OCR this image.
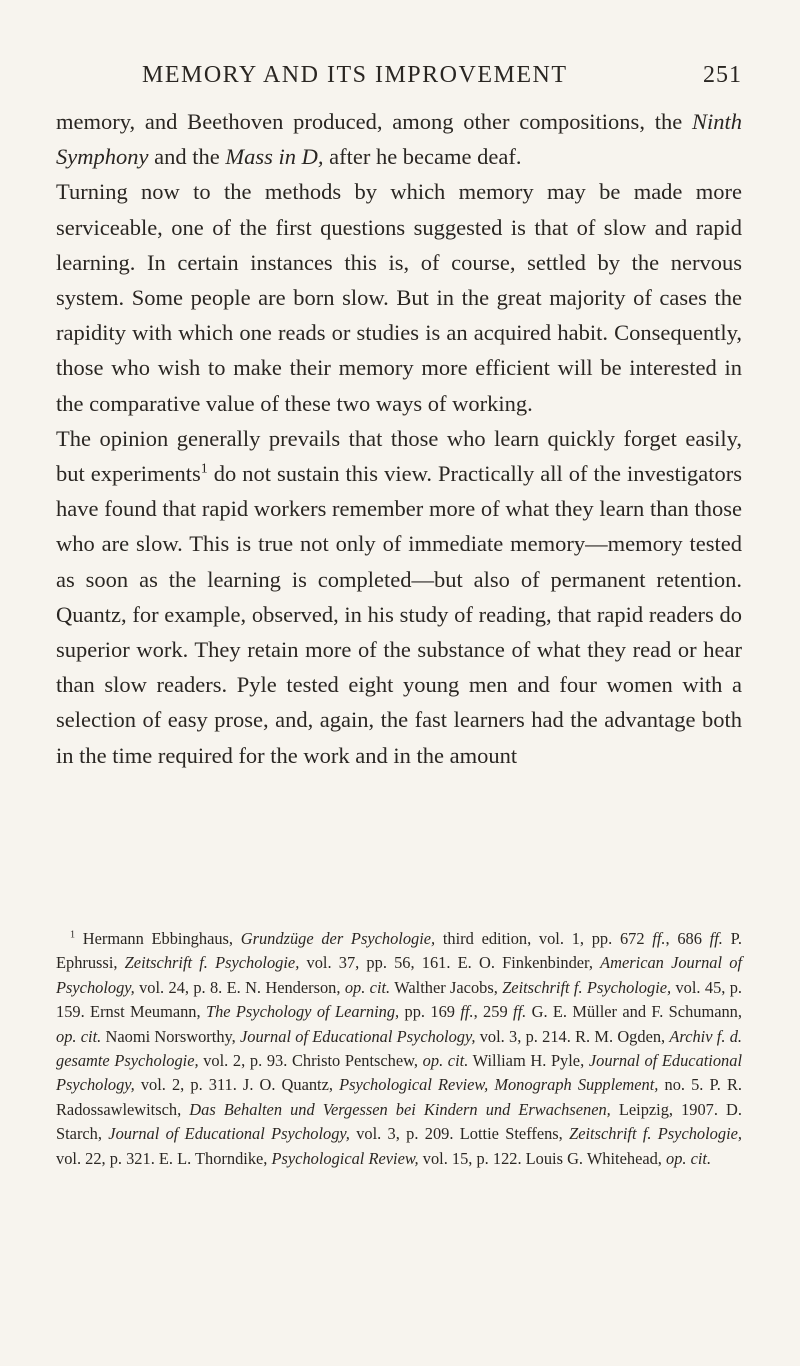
MEMORY AND ITS IMPROVEMENT	251

memory, and Beethoven produced, among other compositions, the Ninth Symphony and the Mass in D, after he became deaf.

Turning now to the methods by which memory may be made more serviceable, one of the first questions suggested is that of slow and rapid learning. In certain instances this is, of course, settled by the nervous system. Some people are born slow. But in the great majority of cases the rapidity with which one reads or studies is an acquired habit. Consequently, those who wish to make their memory more efficient will be interested in the comparative value of these two ways of working.

The opinion generally prevails that those who learn quickly forget easily, but experiments$^1$ do not sustain this view. Practically all of the investigators have found that rapid workers remember more of what they learn than those who are slow. This is true not only of immediate memory—memory tested as soon as the learning is completed—but also of permanent retention. Quantz, for example, observed, in his study of reading, that rapid readers do superior work. They retain more of the substance of what they read or hear than slow readers. Pyle tested eight young men and four women with a selection of easy prose, and, again, the fast learners had the advantage both in the time required for the work and in the amount

$^1$ Hermann Ebbinghaus, Grundzüge der Psychologie, third edition, vol. 1, pp. 672 ff., 686 ff. P. Ephrussi, Zeitschrift f. Psychologie, vol. 37, pp. 56, 161. E. O. Finkenbinder, American Journal of Psychology, vol. 24, p. 8. E. N. Henderson, op. cit. Walther Jacobs, Zeitschrift f. Psychologie, vol. 45, p. 159. Ernst Meumann, The Psychology of Learning, pp. 169 ff., 259 ff. G. E. Müller and F. Schumann, op. cit. Naomi Norsworthy, Journal of Educational Psychology, vol. 3, p. 214. R. M. Ogden, Archiv f. d. gesamte Psychologie, vol. 2, p. 93. Christo Pentschew, op. cit. William H. Pyle, Journal of Educational Psychology, vol. 2, p. 311. J. O. Quantz, Psychological Review, Monograph Supplement, no. 5. P. R. Radossawlewitsch, Das Behalten und Vergessen bei Kindern und Erwachsenen, Leipzig, 1907. D. Starch, Journal of Educational Psychology, vol. 3, p. 209. Lottie Steffens, Zeitschrift f. Psychologie, vol. 22, p. 321. E. L. Thorndike, Psychological Review, vol. 15, p. 122. Louis G. Whitehead, op. cit.
